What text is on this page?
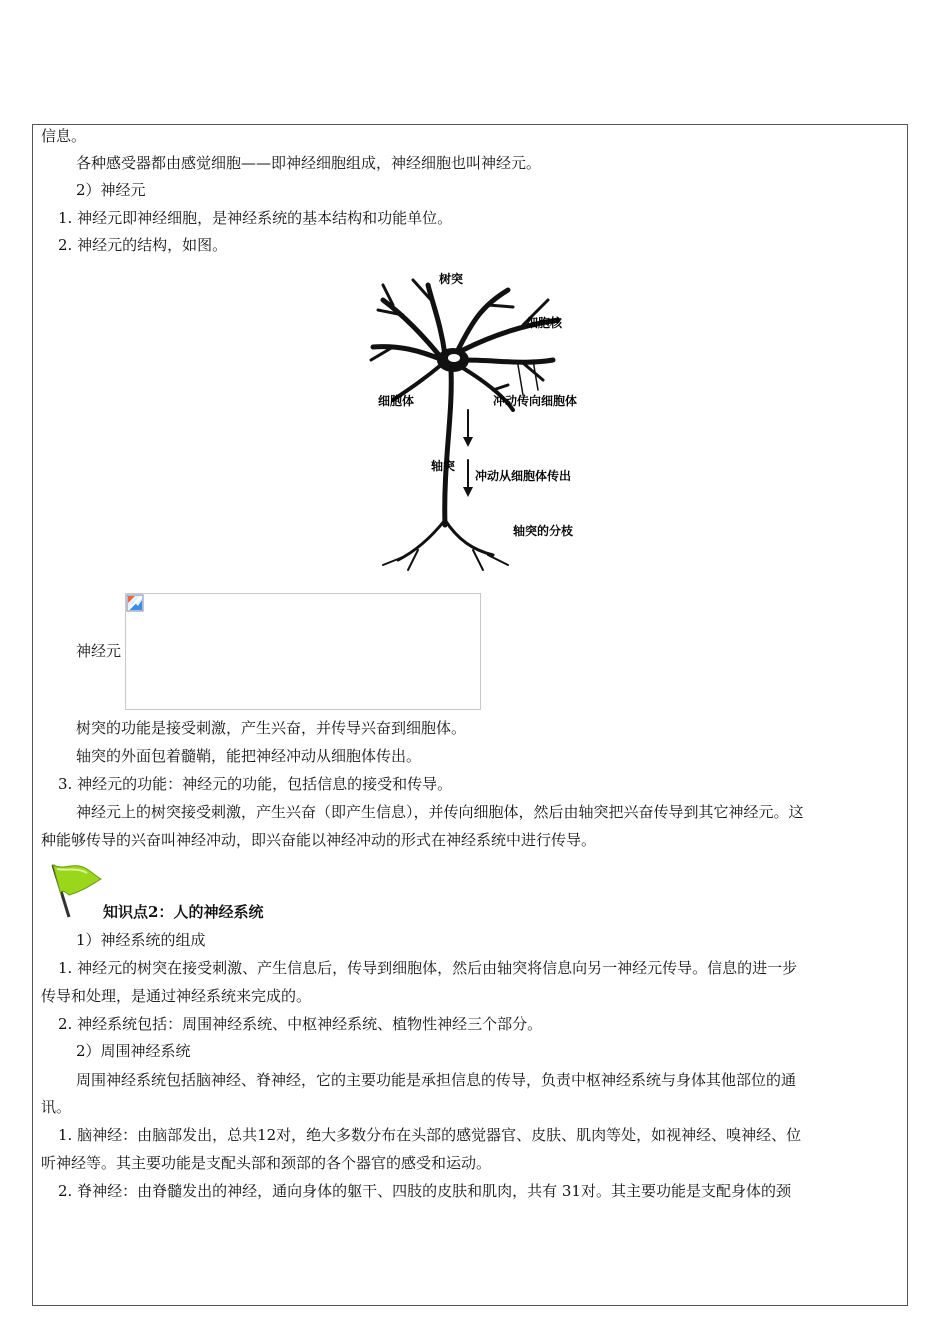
信息。
各种感受器都由感觉细胞——即神经细胞组成，神经细胞也叫神经元。
2）神经元
1. 神经元即神经细胞，是神经系统的基本结构和功能单位。
2. 神经元的结构，如图。
树突
细胞核
细胞体	冲动传向细胞体
轴突
冲动从细胞体传出
轴突的分枝
神经元
树突的功能是接受刺激，产生兴奋，并传导兴奋到细胞体。
轴突的外面包着髓鞘，能把神经冲动从细胞体传出。
3. 神经元的功能：神经元的功能，包括信息的接受和传导。
神经元上的树突接受刺激，产生兴奋（即产生信息），并传向细胞体，然后由轴突把兴奋传导到其它神经元。这
种能够传导的兴奋叫神经冲动，即兴奋能以神经冲动的形式在神经系统中进行传导。
知识点2：人的神经系统
1）神经系统的组成
1. 神经元的树突在接受刺激、产生信息后，传导到细胞体，然后由轴突将信息向另一神经元传导。信息的进一步
传导和处理，是通过神经系统来完成的。
2. 神经系统包括：周围神经系统、中枢神经系统、植物性神经三个部分。
2）周围神经系统
周围神经系统包括脑神经、脊神经，它的主要功能是承担信息的传导，负责中枢神经系统与身体其他部位的通
讯。
1. 脑神经：由脑部发出，总共12对，绝大多数分布在头部的感觉器官、皮肤、肌肉等处，如视神经、嗅神经、位
听神经等。其主要功能是支配头部和颈部的各个器官的感受和运动。
2. 脊神经：由脊髓发出的神经，通向身体的躯干、四肢的皮肤和肌肉，共有 31对。其主要功能是支配身体的颈
